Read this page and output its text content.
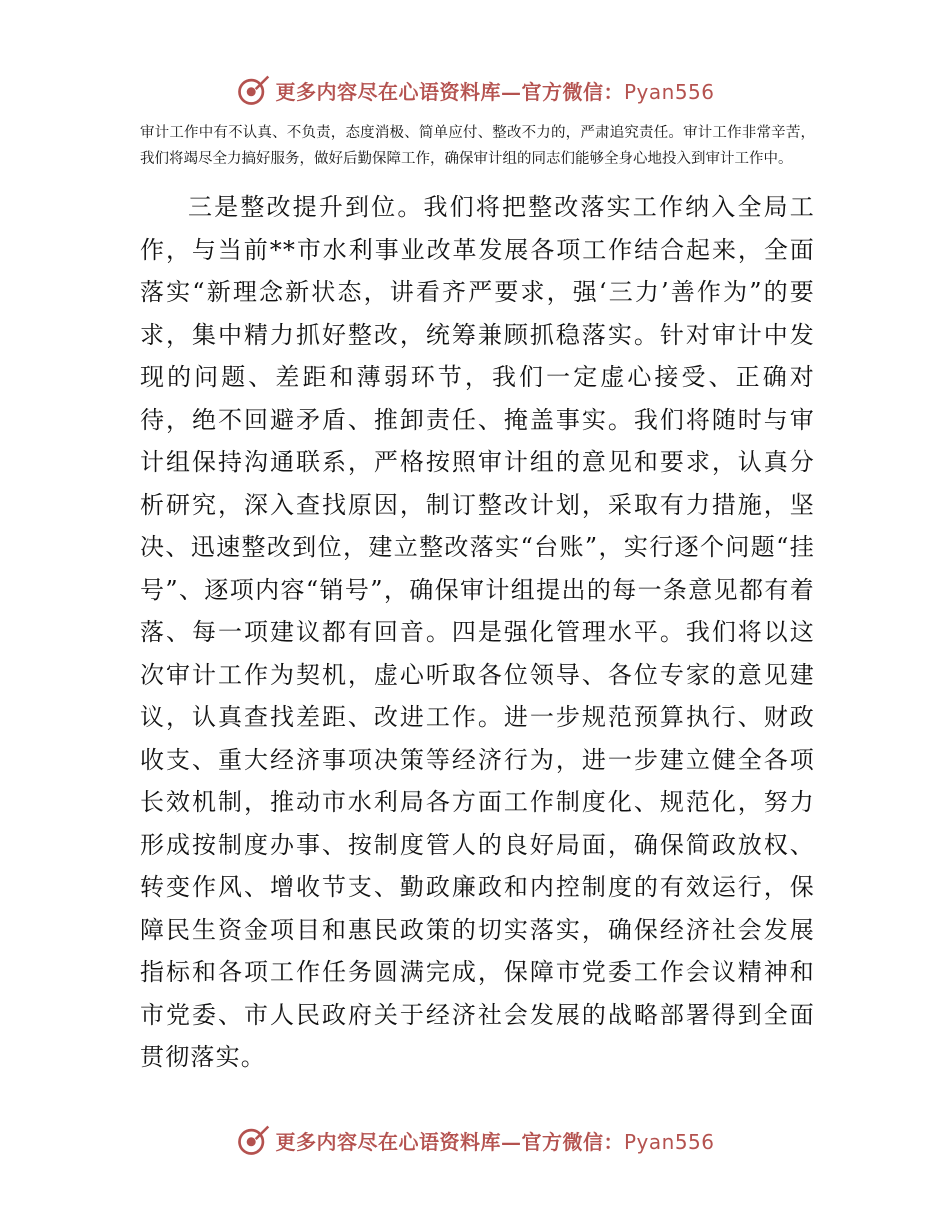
更多内容尽在心语资料库—官方微信：Pyan556

审计工作中有不认真、不负责，态度消极、简单应付、整改不力的，严肃追究责任。审计工作非常辛苦，我们将竭尽全力搞好服务，做好后勤保障工作，确保审计组的同志们能够全身心地投入到审计工作中。

三是整改提升到位。我们将把整改落实工作纳入全局工作，与当前**市水利事业改革发展各项工作结合起来，全面落实“新理念新状态，讲看齐严要求，强‘三力’善作为”的要求，集中精力抓好整改，统筹兼顾抓稳落实。针对审计中发现的问题、差距和薄弱环节，我们一定虚心接受、正确对待，绝不回避矛盾、推卸责任、掩盖事实。我们将随时与审计组保持沟通联系，严格按照审计组的意见和要求，认真分析研究，深入查找原因，制订整改计划，采取有力措施，坚决、迅速整改到位，建立整改落实“台账”，实行逐个问题“挂号”、逐项内容“销号”，确保审计组提出的每一条意见都有着落、每一项建议都有回音。四是强化管理水平。我们将以这次审计工作为契机，虚心听取各位领导、各位专家的意见建议，认真查找差距、改进工作。进一步规范预算执行、财政收支、重大经济事项决策等经济行为，进一步建立健全各项长效机制，推动市水利局各方面工作制度化、规范化，努力形成按制度办事、按制度管人的良好局面，确保简政放权、转变作风、增收节支、勤政廉政和内控制度的有效运行，保障民生资金项目和惠民政策的切实落实，确保经济社会发展指标和各项工作任务圆满完成，保障市党委工作会议精神和市党委、市人民政府关于经济社会发展的战略部署得到全面贯彻落实。

更多内容尽在心语资料库—官方微信：Pyan556
